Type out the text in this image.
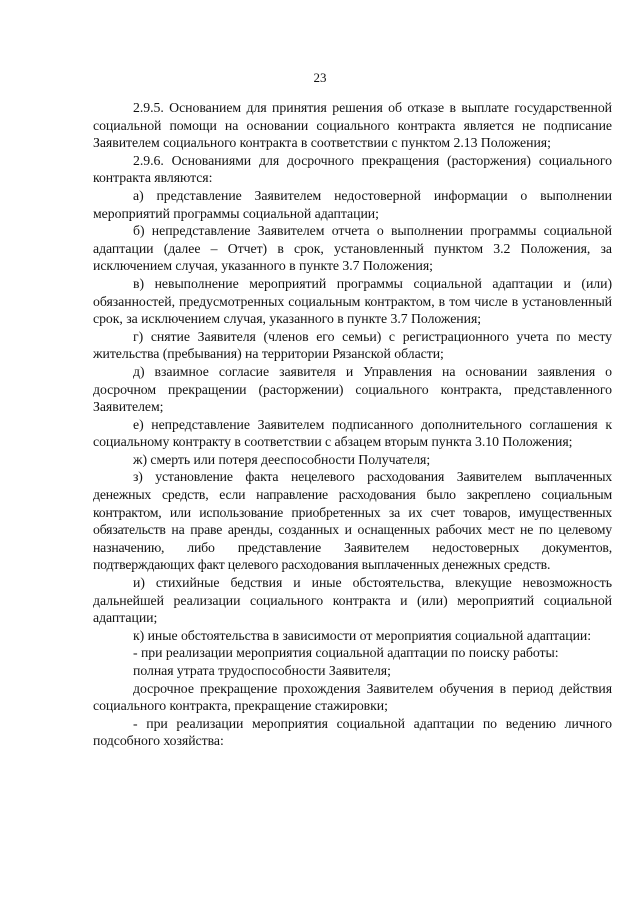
23

2.9.5. Основанием для принятия решения об отказе в выплате государственной социальной помощи на основании социального контракта является не подписание Заявителем социального контракта в соответствии с пунктом 2.13 Положения;

2.9.6. Основаниями для досрочного прекращения (расторжения) социального контракта являются:

а) представление Заявителем недостоверной информации о выполнении мероприятий программы социальной адаптации;

б) непредставление Заявителем отчета о выполнении программы социальной адаптации (далее – Отчет) в срок, установленный пунктом 3.2 Положения, за исключением случая, указанного в пункте 3.7 Положения;

в) невыполнение мероприятий программы социальной адаптации и (или) обязанностей, предусмотренных социальным контрактом, в том числе в установленный срок, за исключением случая, указанного в пункте 3.7 Положения;

г) снятие Заявителя (членов его семьи) с регистрационного учета по месту жительства (пребывания) на территории Рязанской области;

д) взаимное согласие заявителя и Управления на основании заявления о досрочном прекращении (расторжении) социального контракта, представленного Заявителем;

е) непредставление Заявителем подписанного дополнительного соглашения к социальному контракту в соответствии с абзацем вторым пункта 3.10 Положения;

ж) смерть или потеря дееспособности Получателя;

з) установление факта нецелевого расходования Заявителем выплаченных денежных средств, если направление расходования было закреплено социальным контрактом, или использование приобретенных за их счет товаров, имущественных обязательств на праве аренды, созданных и оснащенных рабочих мест не по целевому назначению, либо представление Заявителем недостоверных документов, подтверждающих факт целевого расходования выплаченных денежных средств.

и) стихийные бедствия и иные обстоятельства, влекущие невозможность дальнейшей реализации социального контракта и (или) мероприятий социальной адаптации;

к) иные обстоятельства в зависимости от мероприятия социальной адаптации:

- при реализации мероприятия социальной адаптации по поиску работы:

полная утрата трудоспособности Заявителя;

досрочное прекращение прохождения Заявителем обучения в период действия социального контракта, прекращение стажировки;

- при реализации мероприятия социальной адаптации по ведению личного подсобного хозяйства:
